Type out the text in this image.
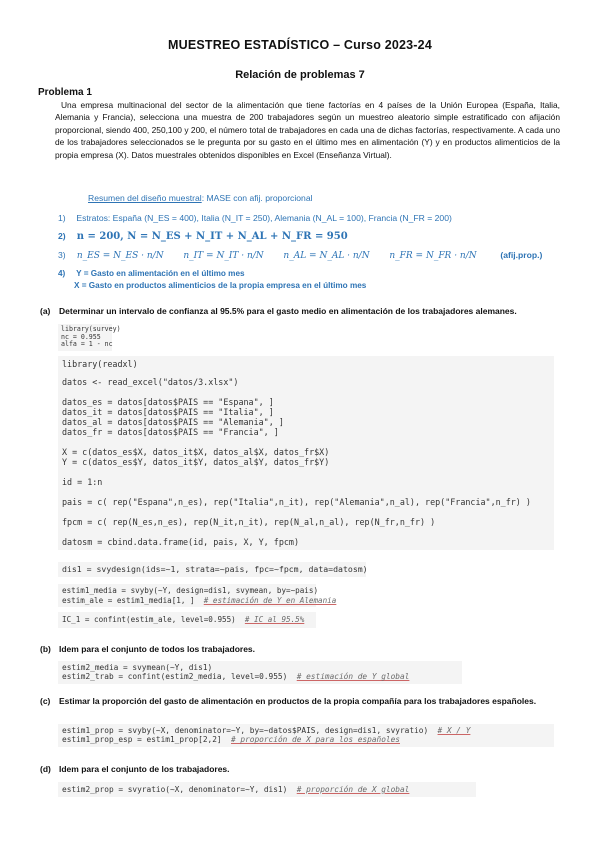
MUESTREO ESTADÍSTICO – Curso 2023-24
Relación de problemas 7
Problema 1

Una empresa multinacional del sector de la alimentación que tiene factorías en 4 países de la Unión Europea (España, Italia, Alemania y Francia), selecciona una muestra de 200 trabajadores según un muestreo aleatorio simple estratificado con afijación proporcional, siendo 400, 250,100 y 200, el número total de trabajadores en cada una de dichas factorías, respectivamente. A cada uno de los trabajadores seleccionados se le pregunta por su gasto en el último mes en alimentación (Y) y en productos alimenticios de la propia empresa (X). Datos muestrales obtenidos disponibles en Excel (Enseñanza Virtual).

Resumen del diseño muestral: MASE con afij. proporcional
1) Estratos: España (N_ES = 400), Italia (N_IT = 250), Alemania (N_AL = 100), Francia (N_FR = 200)
2) n = 200, N = N_ES + N_IT + N_AL + N_FR = 950
3) n_ES = N_ES · n/N n_IT = N_IT · n/N n_AL = N_AL · n/N n_FR = N_FR · n/N	(afij.prop.)
4) Y = Gasto en alimentación en el último mes
X = Gasto en productos alimenticios de la propia empresa en el último mes
(a) Determinar un intervalo de confianza al 95.5% para el gasto medio en alimentación de los trabajadores alemanes.
library(survey)
nc = 0.955
alfa = 1 - nc
library(readxl)
datos <- read_excel("datos/3.xlsx")
datos_es = datos[datos$PAIS == "Espana", ]
datos_it = datos[datos$PAIS == "Italia", ]
datos_al = datos[datos$PAIS == "Alemania", ]
datos_fr = datos[datos$PAIS == "Francia", ]
X = c(datos_es$X, datos_it$X, datos_al$X, datos_fr$X)
Y = c(datos_es$Y, datos_it$Y, datos_al$Y, datos_fr$Y)
id = 1:n
pais = c( rep("Espana",n_es), rep("Italia",n_it), rep("Alemania",n_al), rep("Francia",n_fr) )
fpcm = c( rep(N_es,n_es), rep(N_it,n_it), rep(N_al,n_al), rep(N_fr,n_fr) )
datosm = cbind.data.frame(id, pais, X, Y, fpcm)
dis1 = svydesign(ids=~1, strata=~pais, fpc=~fpcm, data=datosm)
estim1_media = svyby(~Y, design=dis1, svymean, by=~pais)
estim_ale = estim1_media[1, ]  # estimación de Y en Alemania
IC_1 = confint(estim_ale, level=0.955)  # IC al 95.5%
(b) Idem para el conjunto de todos los trabajadores.
estim2_media = svymean(~Y, dis1)
estim2_trab = confint(estim2_media, level=0.955)  # estimación de Y global
(c) Estimar la proporción del gasto de alimentación en productos de la propia compañía para los trabajadores españoles.
estim1_prop = svyby(~X, denominator=~Y, by=~datos$PAIS, design=dis1, svyratio)  # X / Y
estim1_prop_esp = estim1_prop[2,2]  # proporción de X para los españoles
(d) Idem para el conjunto de los trabajadores.
estim2_prop = svyratio(~X, denominator=~Y, dis1)  # proporción de X global
